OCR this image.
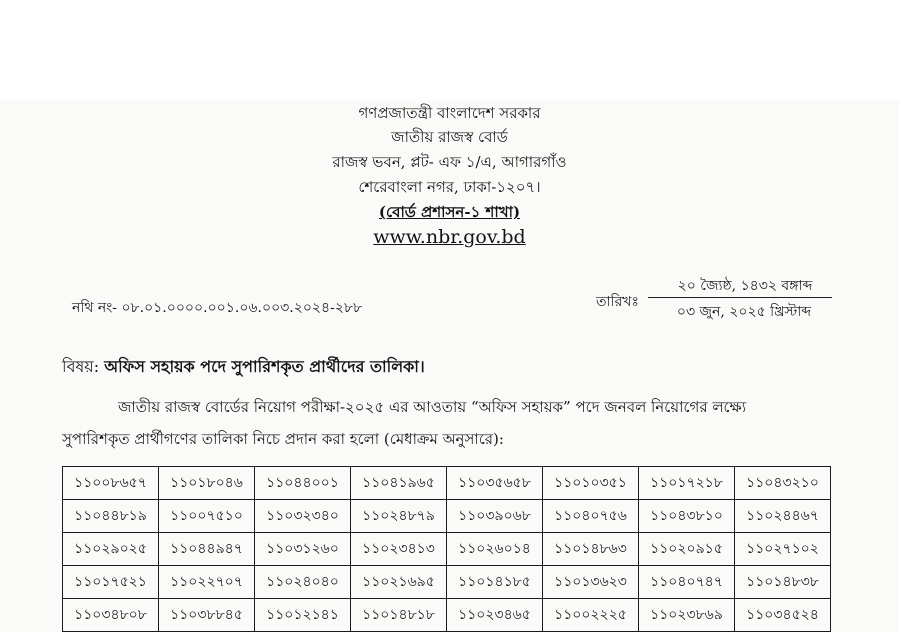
গণপ্রজাতন্ত্রী বাংলাদেশ সরকার
জাতীয় রাজস্ব বোর্ড
রাজস্ব ভবন, প্লট- এফ ১/এ, আগারগাঁও
শেরেবাংলা নগর, ঢাকা-১২০৭।
(বোর্ড প্রশাসন-১ শাখা)
www.nbr.gov.bd
নথি নং- ০৮.০১.০০০০.০০১.০৬.০০৩.২০২৪-২৮৮	তারিখঃ
২০ জ্যৈষ্ঠ, ১৪৩২ বঙ্গাব্দ
০৩ জুন, ২০২৫ খ্রিস্টাব্দ
বিষয়: অফিস সহায়ক পদে সুপারিশকৃত প্রার্থীদের তালিকা।
জাতীয় রাজস্ব বোর্ডের নিয়োগ পরীক্ষা-২০২৫ এর আওতায় “অফিস সহায়ক” পদে জনবল নিয়োগের লক্ষ্যে
সুপারিশকৃত প্রার্থীগণের তালিকা নিচে প্রদান করা হলো (মেধাক্রম অনুসারে):
১১০০৮৬৫৭	১১০১৮০৪৬	১১০৪৪০০১	১১০৪১৯৬৫	১১০৩৫৬৫৮	১১০১০৩৫১	১১০১৭২১৮	১১০৪৩২১০
১১০৪৪৮১৯	১১০০৭৫১০	১১০৩২৩৪০	১১০২৪৮৭৯	১১০৩৯০৬৮	১১০৪০৭৫৬	১১০৪৩৮১০	১১০২৪৪৬৭
১১০২৯০২৫	১১০৪৪৯৪৭	১১০৩১২৬০	১১০২৩৪১৩	১১০২৬০১৪	১১০১৪৮৬৩	১১০২০৯১৫	১১০২৭১০২
১১০১৭৫২১	১১০২২৭০৭	১১০২৪০৪০	১১০২১৬৯৫	১১০১৪১৮৫	১১০১৩৬২৩	১১০৪০৭৪৭	১১০১৪৮৩৮
১১০৩৪৮০৮	১১০৩৮৮৪৫	১১০১২১৪১	১১০১৪৮১৮	১১০২৩৪৬৫	১১০০২২২৫	১১০২৩৮৬৯	১১০৩৪৫২৪
